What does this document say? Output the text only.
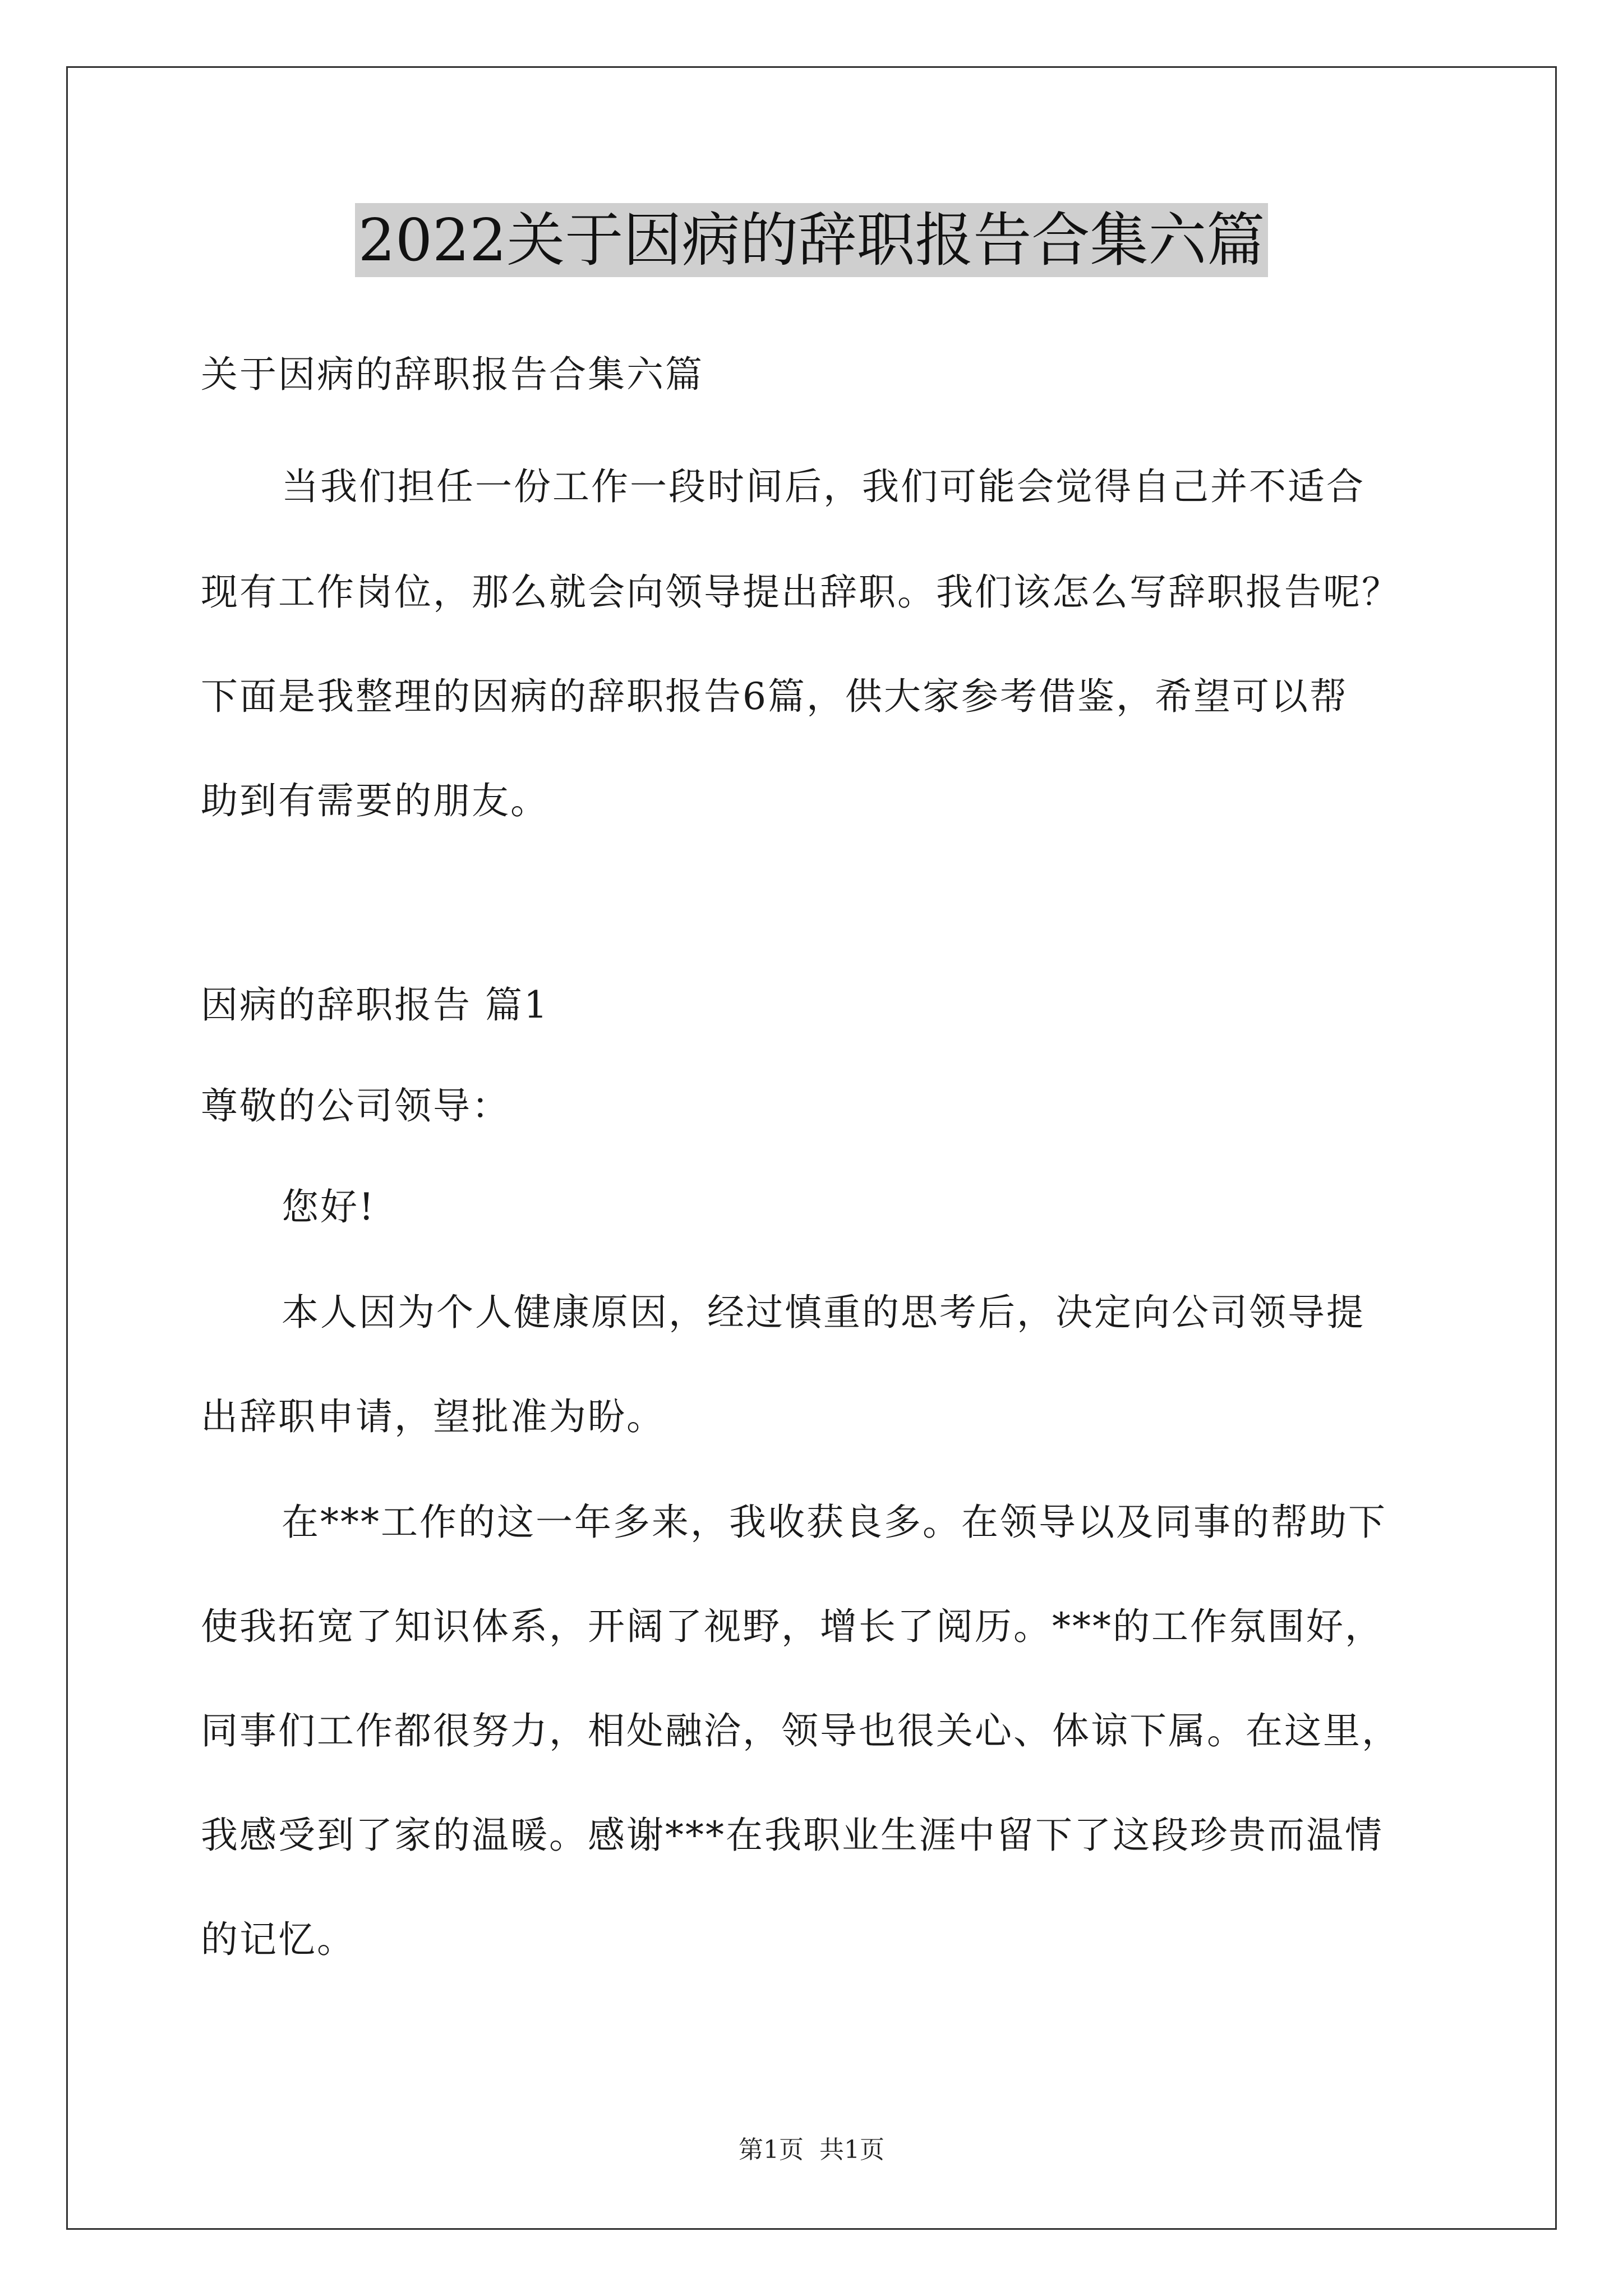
2022关于因病的辞职报告合集六篇
关于因病的辞职报告合集六篇
当我们担任一份工作一段时间后，我们可能会觉得自己并不适合
现有工作岗位，那么就会向领导提出辞职。我们该怎么写辞职报告呢？
下面是我整理的因病的辞职报告6篇，供大家参考借鉴，希望可以帮
助到有需要的朋友。
因病的辞职报告 篇1
尊敬的公司领导：
您好!
本人因为个人健康原因，经过慎重的思考后，决定向公司领导提
出辞职申请，望批准为盼。
在***工作的这一年多来，我收获良多。在领导以及同事的帮助下
使我拓宽了知识体系，开阔了视野，增长了阅历。***的工作氛围好，
同事们工作都很努力，相处融洽，领导也很关心、体谅下属。在这里，
我感受到了家的温暖。感谢***在我职业生涯中留下了这段珍贵而温情
的记忆。
第1页 共1页
